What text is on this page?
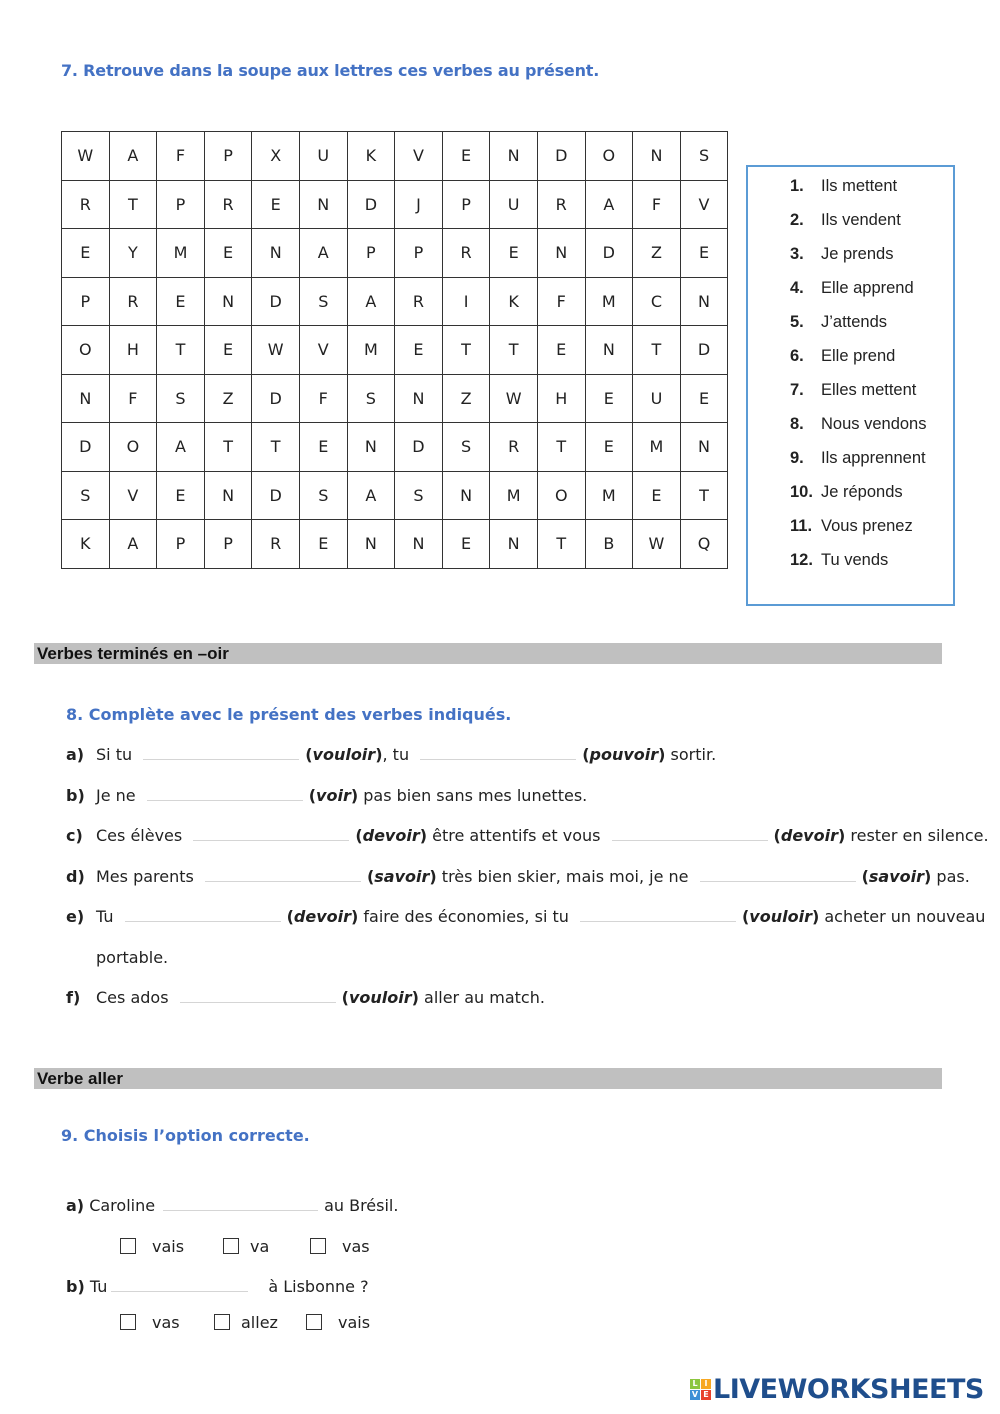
7. Retrouve dans la soupe aux lettres ces verbes au présent.
W	A	F	P	X	U	K	V	E	N	D	O	N	S
R	T	P	R	E	N	D	J	P	U	R	A	F	V
E	Y	M	E	N	A	P	P	R	E	N	D	Z	E
P	R	E	N	D	S	A	R	I	K	F	M	C	N
O	H	T	E	W	V	M	E	T	T	E	N	T	D
N	F	S	Z	D	F	S	N	Z	W	H	E	U	E
D	O	A	T	T	E	N	D	S	R	T	E	M	N
S	V	E	N	D	S	A	S	N	M	O	M	E	T
K	A	P	P	R	E	N	N	E	N	T	B	W	Q
1. Ils mettent
2. Ils vendent
3. Je prends
4. Elle apprend
5. J’attends
6. Elle prend
7. Elles mettent
8. Nous vendons
9. Ils apprennent
10. Je réponds
11. Vous prenez
12. Tu vends
Verbes terminés en –oir
8. Complète avec le présent des verbes indiqués.
a) Si tu	(vouloir), tu	(pouvoir) sortir.
b) Je ne	(voir) pas bien sans mes lunettes.
c) Ces élèves	(devoir) être attentifs et vous	(devoir) rester en silence.
d) Mes parents	(savoir) très bien skier, mais moi, je ne	(savoir) pas.
e) Tu	(devoir) faire des économies, si tu	(vouloir) acheter un nouveau
portable.
f) Ces ados	(vouloir) aller au match.
Verbe aller
9. Choisis l’option correcte.
a) Caroline	au Brésil.
vais	va	vas
b) Tu	à Lisbonne ?
vas	allez	vais
L I
V E LIVEWORKSHEETS
